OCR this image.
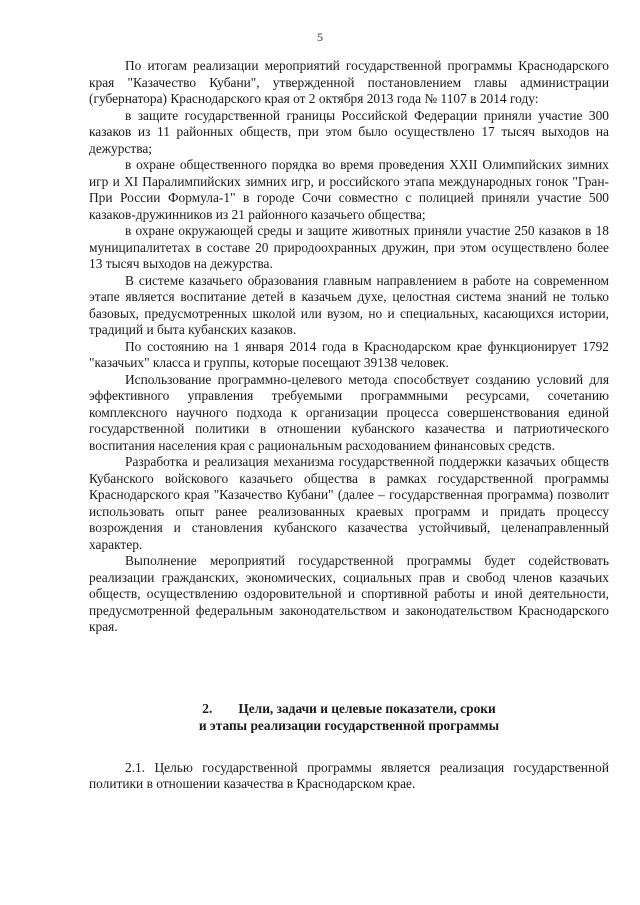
5

По итогам реализации мероприятий государственной программы Краснодарского края "Казачество Кубани", утвержденной постановлением главы администрации (губернатора) Краснодарского края от 2 октября 2013 года № 1107 в 2014 году:

в защите государственной границы Российской Федерации приняли участие 300 казаков из 11 районных обществ, при этом было осуществлено 17 тысяч выходов на дежурства;

в охране общественного порядка во время проведения XXII Олимпийских зимних игр и XI Паралимпийских зимних игр, и российского этапа международных гонок "Гран-При России Формула-1" в городе Сочи совместно с полицией приняли участие 500 казаков-дружинников из 21 районного казачьего общества;

в охране окружающей среды и защите животных приняли участие 250 казаков в 18 муниципалитетах в составе 20 природоохранных дружин, при этом осуществлено более 13 тысяч выходов на дежурства.

В системе казачьего образования главным направлением в работе на современном этапе является воспитание детей в казачьем духе, целостная система знаний не только базовых, предусмотренных школой или вузом, но и специальных, касающихся истории, традиций и быта кубанских казаков.

По состоянию на 1 января 2014 года в Краснодарском крае функционирует 1792 "казачьих" класса и группы, которые посещают 39138 человек.

Использование программно-целевого метода способствует созданию условий для эффективного управления требуемыми программными ресурсами, сочетанию комплексного научного подхода к организации процесса совершенствования единой государственной политики в отношении кубанского казачества и патриотического воспитания населения края с рациональным расходованием финансовых средств.

Разработка и реализация механизма государственной поддержки казачьих обществ Кубанского войскового казачьего общества в рамках государственной программы Краснодарского края "Казачество Кубани" (далее – государственная программа) позволит использовать опыт ранее реализованных краевых программ и придать процессу возрождения и становления кубанского казачества устойчивый, целенаправленный характер.

Выполнение мероприятий государственной программы будет содействовать реализации гражданских, экономических, социальных прав и свобод членов казачьих обществ, осуществлению оздоровительной и спортивной работы и иной деятельности, предусмотренной федеральным законодательством и законодательством Краснодарского края.

2. Цели, задачи и целевые показатели, сроки
и этапы реализации государственной программы

2.1. Целью государственной программы является реализация государственной политики в отношении казачества в Краснодарском крае.
